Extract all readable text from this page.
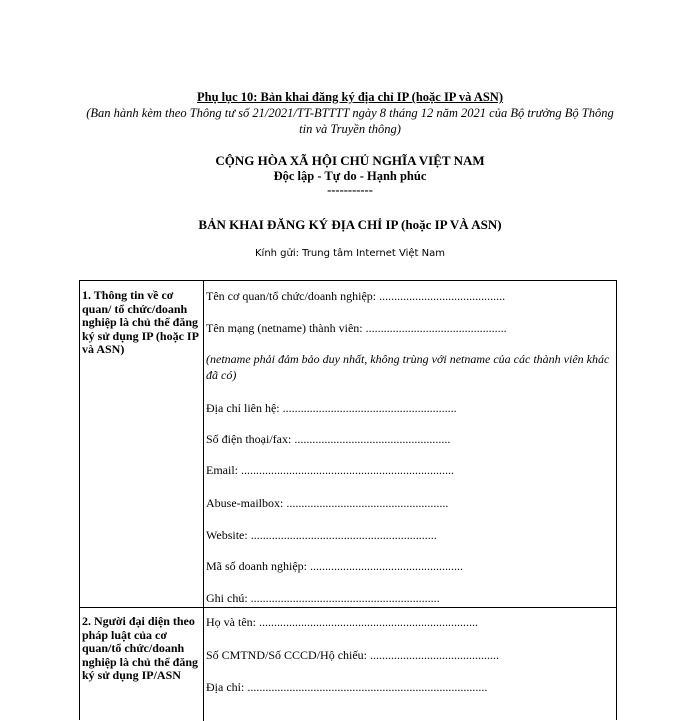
Phụ lục 10: Bản khai đăng ký địa chỉ IP (hoặc IP và ASN)
(Ban hành kèm theo Thông tư số 21/2021/TT-BTTTT ngày 8 tháng 12 năm 2021 của Bộ trưởng Bộ Thông tin và Truyền thông)
CỘNG HÒA XÃ HỘI CHỦ NGHĨA VIỆT NAM
Độc lập - Tự do - Hạnh phúc
-----------
BẢN KHAI ĐĂNG KÝ ĐỊA CHỈ IP (hoặc IP VÀ ASN)
Kính gửi: Trung tâm Internet Việt Nam
1. Thông tin về cơ quan/ tổ chức/doanh nghiệp là chủ thể đăng ký sử dụng IP (hoặc IP và ASN)
Tên cơ quan/tổ chức/doanh nghiệp: ..........................................
Tên mạng (netname) thành viên: ...............................................
(netname phải đảm bảo duy nhất, không trùng với netname của các thành viên khác đã có)
Địa chỉ liên hệ: ..........................................................
Số điện thoại/fax: ....................................................
Email: .......................................................................
Abuse-mailbox: ......................................................
Website: ..............................................................
Mã số doanh nghiệp: ...................................................
Ghi chú: ...............................................................
2. Người đại diện theo pháp luật của cơ quan/tổ chức/doanh nghiệp là chủ thể đăng ký sử dụng IP/ASN
Họ và tên: .........................................................................
Số CMTND/Số CCCD/Hộ chiếu: ...........................................
Địa chỉ: ................................................................................
